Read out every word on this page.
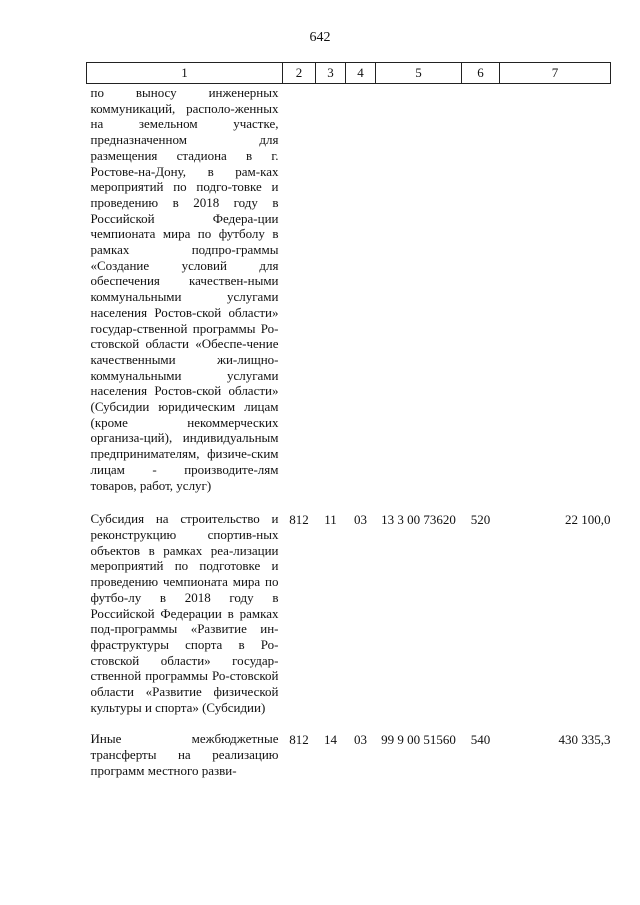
642
1	2	3	4	5	6	7
по выносу инженерных коммуникаций, располо-женных на земельном участке, предназначенном для размещения стадиона в г. Ростове-на-Дону, в рам-ках мероприятий по подго-товке и проведению в 2018 году в Российской Федера-ции чемпионата мира по футболу в рамках подпро-граммы «Создание условий для обеспечения качествен-ными коммунальными услугами населения Ростов-ской области» государ-ственной программы Ро-стовской области «Обеспе-чение качественными жи-лищно-коммунальными услугами населения Ростов-ской области» (Субсидии юридическим лицам (кроме некоммерческих организа-ций), индивидуальным предпринимателям, физиче-ским лицам - производите-лям товаров, работ, услуг)						
Субсидия на строительство и реконструкцию спортив-ных объектов в рамках реа-лизации мероприятий по подготовке и проведению чемпионата мира по футбо-лу в 2018 году в Российской Федерации в рамках под-программы «Развитие ин-фраструктуры спорта в Ро-стовской области» государ-ственной программы Ро-стовской области «Развитие физической культуры и спорта» (Субсидии)	812	11	03	13 3 00 73620	520	22 100,0
Иные межбюджетные трансферты на реализацию программ местного разви-	812	14	03	99 9 00 51560	540	430 335,3
